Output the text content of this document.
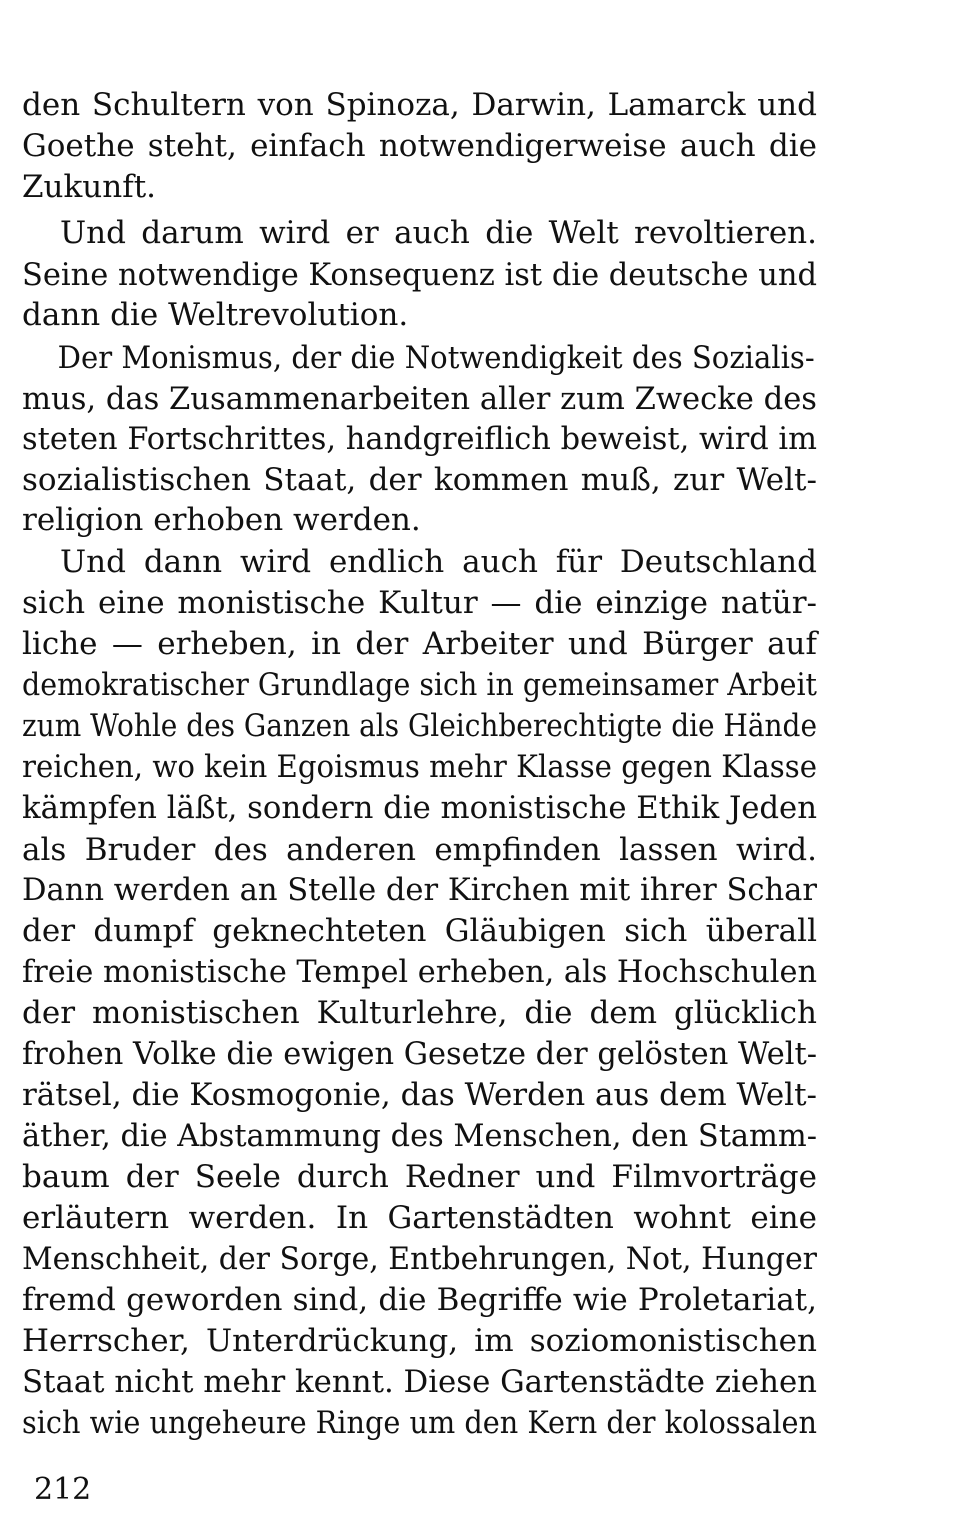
den Schultern von Spinoza, Darwin, Lamarck und
Goethe steht, einfach notwendigerweise auch die
Zukunft.
Und darum wird er auch die Welt revoltieren.
Seine notwendige Konsequenz ist die deutsche und
dann die Weltrevolution.
Der Monismus, der die Notwendigkeit des Sozialis-
mus, das Zusammenarbeiten aller zum Zwecke des
steten Fortschrittes, handgreiflich beweist, wird im
sozialistischen Staat, der kommen muß, zur Welt-
religion erhoben werden.
Und dann wird endlich auch für Deutschland
sich eine monistische Kultur — die einzige natür-
liche — erheben, in der Arbeiter und Bürger auf
demokratischer Grundlage sich in gemeinsamer Arbeit
zum Wohle des Ganzen als Gleichberechtigte die Hände
reichen, wo kein Egoismus mehr Klasse gegen Klasse
kämpfen läßt, sondern die monistische Ethik Jeden
als Bruder des anderen empfinden lassen wird.
Dann werden an Stelle der Kirchen mit ihrer Schar
der dumpf geknechteten Gläubigen sich überall
freie monistische Tempel erheben, als Hochschulen
der monistischen Kulturlehre, die dem glücklich
frohen Volke die ewigen Gesetze der gelösten Welt-
rätsel, die Kosmogonie, das Werden aus dem Welt-
äther, die Abstammung des Menschen, den Stamm-
baum der Seele durch Redner und Filmvorträge
erläutern werden. In Gartenstädten wohnt eine
Menschheit, der Sorge, Entbehrungen, Not, Hunger
fremd geworden sind, die Begriffe wie Proletariat,
Herrscher, Unterdrückung, im soziomonistischen
Staat nicht mehr kennt. Diese Gartenstädte ziehen
sich wie ungeheure Ringe um den Kern der kolossalen
212
